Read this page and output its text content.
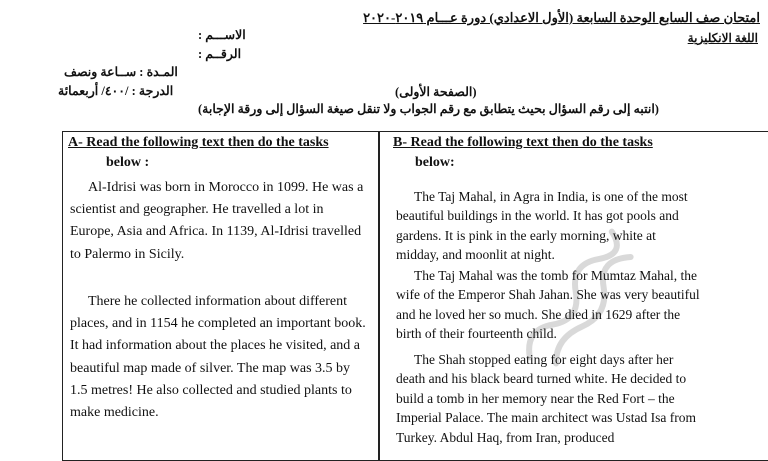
امتحان صف السابع الوحدة السابعة (الأول الاعدادي) دورة عـــام ٢٠١٩-٢٠٢٠
اللغة الانكليزية
الاســـم :
الرقــم :
المـدة : ســاعة ونصف
الدرجة : /٤٠٠/ أربعمائة	(الصفحة الأولى)
(انتبه إلى رقم السؤال بحيث يتطابق مع رقم الجواب ولا تنقل صيغة السؤال إلى ورقة الإجابة)
A- Read the following text then do the tasks
below :
Al-Idrisi was born in Morocco in 1099. He was a scientist and geographer. He travelled a lot in Europe, Asia and Africa. In 1139, Al-Idrisi travelled to Palermo in Sicily.
There he collected information about different places, and in 1154 he completed an important book. It had information about the places he visited, and a beautiful map made of silver. The map was 3.5 by 1.5 metres! He also collected and studied plants to make medicine.
B- Read the following text then do the tasks
below:
The Taj Mahal, in Agra in India, is one of the most beautiful buildings in the world. It has got pools and gardens. It is pink in the early morning, white at midday, and moonlit at night.
The Taj Mahal was the tomb for Mumtaz Mahal, the wife of the Emperor Shah Jahan. She was very beautiful and he loved her so much. She died in 1629 after the birth of their fourteenth child.
The Shah stopped eating for eight days after her death and his black beard turned white. He decided to build a tomb in her memory near the Red Fort – the Imperial Palace. The main architect was Ustad Isa from Turkey. Abdul Haq, from Iran, produced
